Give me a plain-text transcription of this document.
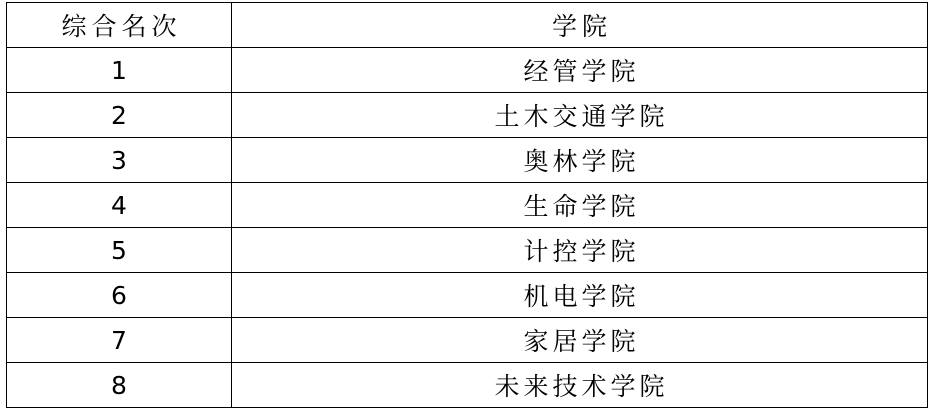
综合名次	学院
1	经管学院
2	土木交通学院
3	奥林学院
4	生命学院
5	计控学院
6	机电学院
7	家居学院
8	未来技术学院
